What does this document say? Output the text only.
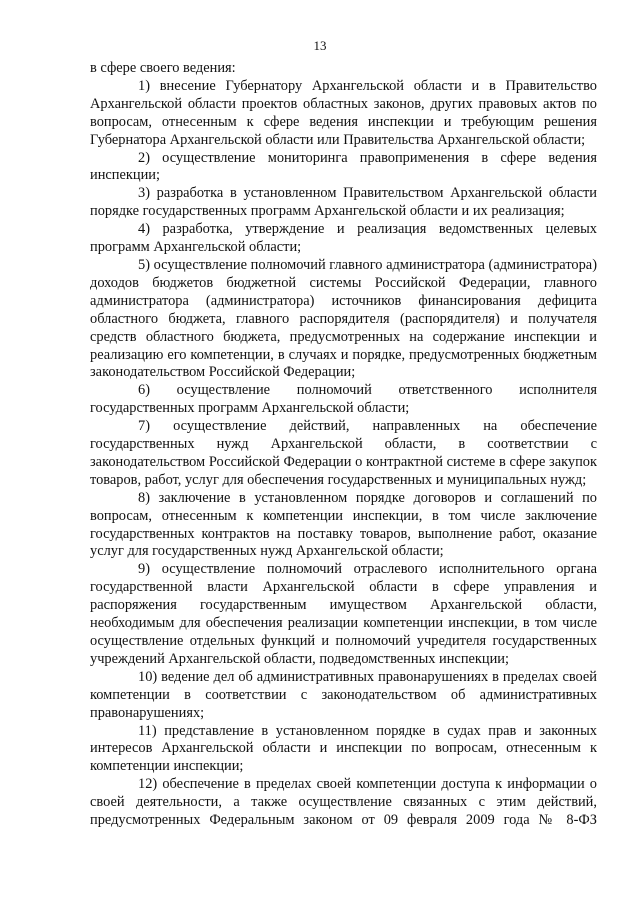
13

в сфере своего ведения:

1) внесение Губернатору Архангельской области и в Правительство Архангельской области проектов областных законов, других правовых актов по вопросам, отнесенным к сфере ведения инспекции и требующим решения Губернатора Архангельской области или Правительства Архангельской области;

2) осуществление мониторинга правоприменения в сфере ведения инспекции;

3) разработка в установленном Правительством Архангельской области порядке государственных программ Архангельской области и их реализация;

4) разработка, утверждение и реализация ведомственных целевых программ Архангельской области;

5) осуществление полномочий главного администратора (администратора) доходов бюджетов бюджетной системы Российской Федерации, главного администратора (администратора) источников финансирования дефицита областного бюджета, главного распорядителя (распорядителя) и получателя средств областного бюджета, предусмотренных на содержание инспекции и реализацию его компетенции, в случаях и порядке, предусмотренных бюджетным законодательством Российской Федерации;

6) осуществление полномочий ответственного исполнителя государственных программ Архангельской области;

7) осуществление действий, направленных на обеспечение государственных нужд Архангельской области, в соответствии с законодательством Российской Федерации о контрактной системе в сфере закупок товаров, работ, услуг для обеспечения государственных и муниципальных нужд;

8) заключение в установленном порядке договоров и соглашений по вопросам, отнесенным к компетенции инспекции, в том числе заключение государственных контрактов на поставку товаров, выполнение работ, оказание услуг для государственных нужд Архангельской области;

9) осуществление полномочий отраслевого исполнительного органа государственной власти Архангельской области в сфере управления и распоряжения государственным имуществом Архангельской области, необходимым для обеспечения реализации компетенции инспекции, в том числе осуществление отдельных функций и полномочий учредителя государственных учреждений Архангельской области, подведомственных инспекции;

10) ведение дел об административных правонарушениях в пределах своей компетенции в соответствии с законодательством об административных правонарушениях;

11) представление в установленном порядке в судах прав и законных интересов Архангельской области и инспекции по вопросам, отнесенным к компетенции инспекции;

12) обеспечение в пределах своей компетенции доступа к информации о своей деятельности, а также осуществление связанных с этим действий, предусмотренных Федеральным законом от 09 февраля 2009 года № 8-ФЗ
